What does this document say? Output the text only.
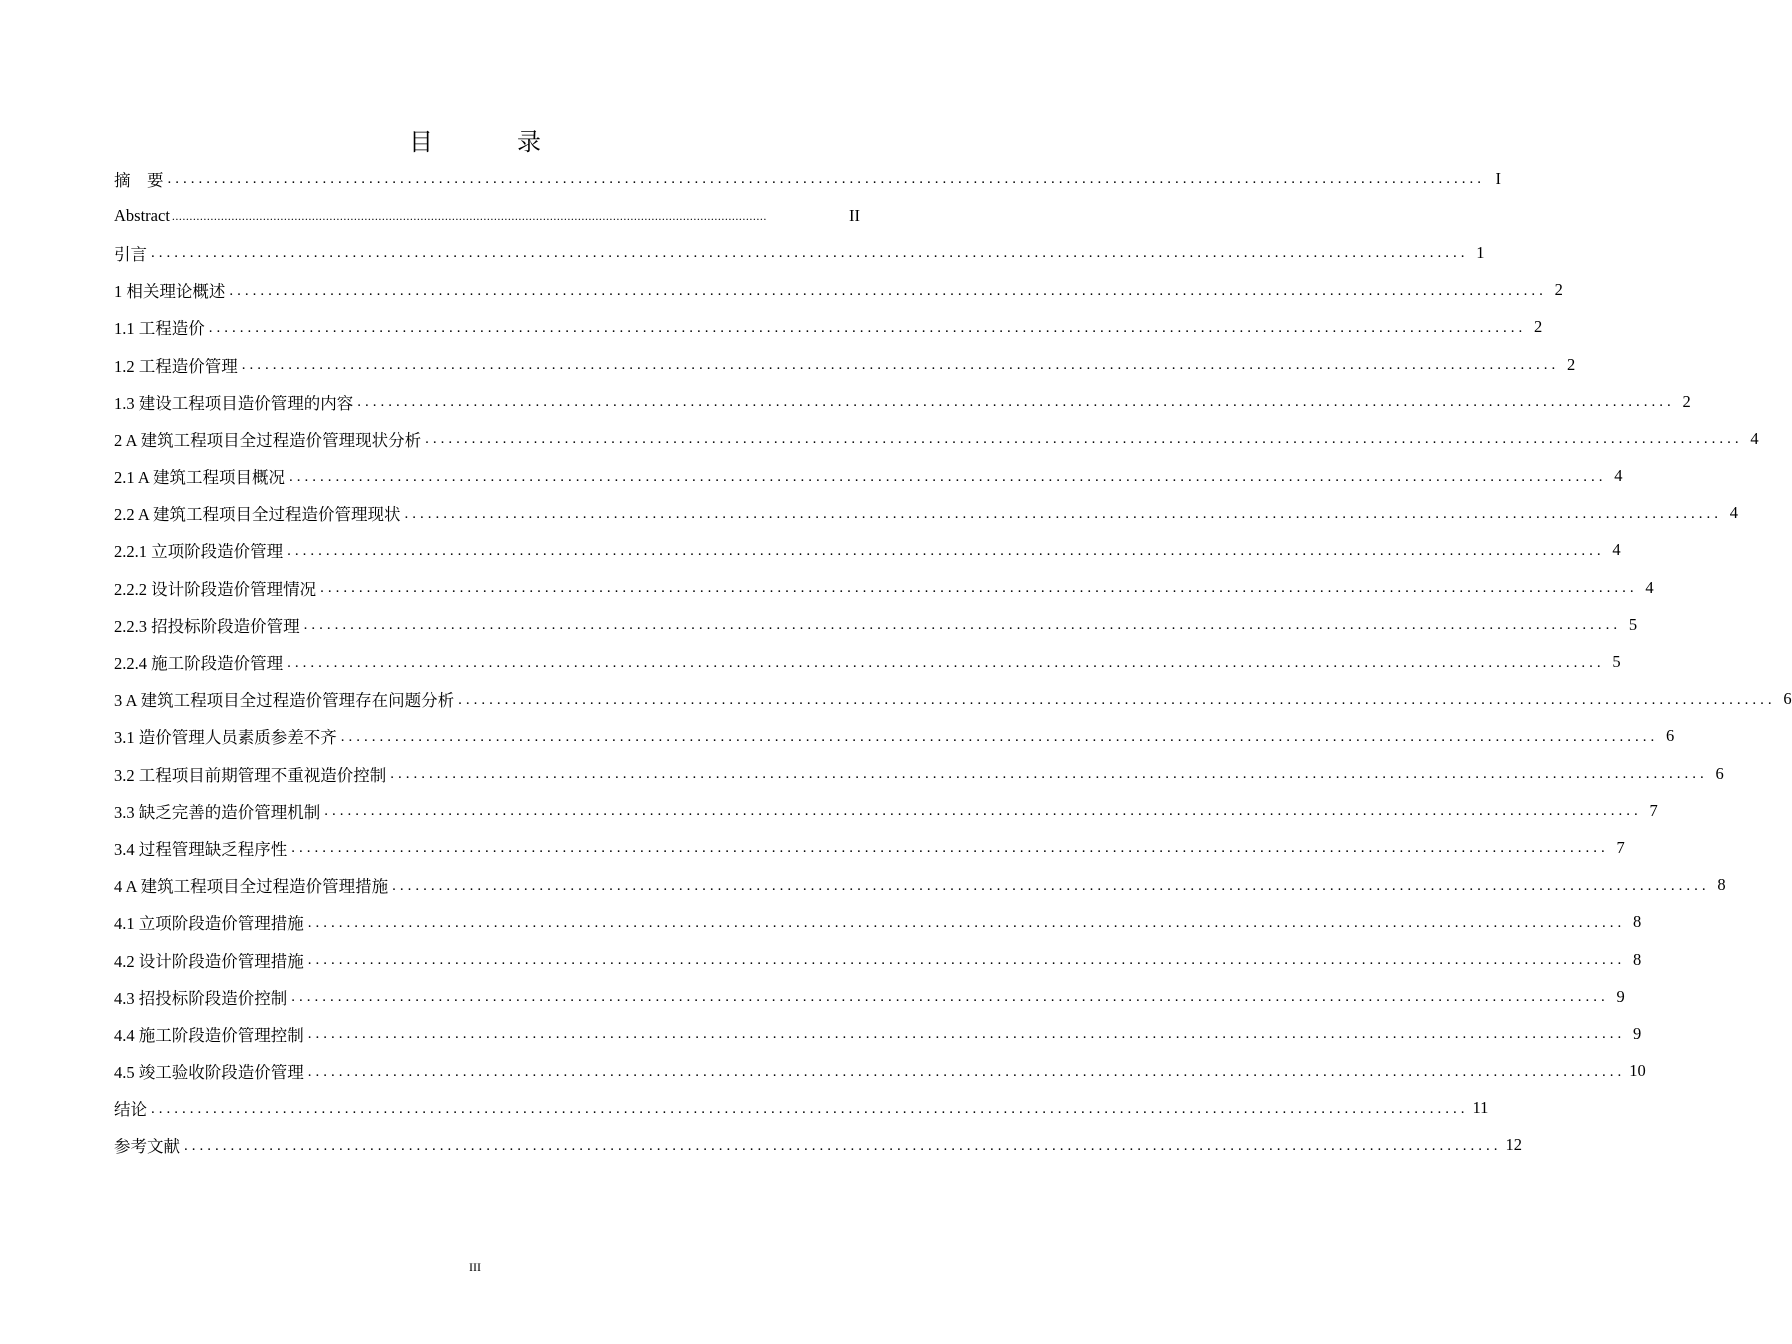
目　录
摘　要 .......................................................................................................................................................................... I
Abstract ..........................................................................................................................................................................	II
引言 .......................................................................................................................................................................... 1
1 相关理论概述 .......................................................................................................................................................................... 2
1.1 工程造价 .......................................................................................................................................................................... 2
1.2 工程造价管理 .......................................................................................................................................................................... 2
1.3 建设工程项目造价管理的内容 .......................................................................................................................................................................... 2
2 A 建筑工程项目全过程造价管理现状分析 .......................................................................................................................................................................... 4
2.1 A 建筑工程项目概况 .......................................................................................................................................................................... 4
2.2 A 建筑工程项目全过程造价管理现状 .......................................................................................................................................................................... 4
2.2.1 立项阶段造价管理 .......................................................................................................................................................................... 4
2.2.2 设计阶段造价管理情况 .......................................................................................................................................................................... 4
2.2.3 招投标阶段造价管理 .......................................................................................................................................................................... 5
2.2.4 施工阶段造价管理 .......................................................................................................................................................................... 5
3 A 建筑工程项目全过程造价管理存在问题分析 .......................................................................................................................................................................... 6
3.1 造价管理人员素质参差不齐 .......................................................................................................................................................................... 6
3.2 工程项目前期管理不重视造价控制 .......................................................................................................................................................................... 6
3.3 缺乏完善的造价管理机制 .......................................................................................................................................................................... 7
3.4 过程管理缺乏程序性 .......................................................................................................................................................................... 7
4 A 建筑工程项目全过程造价管理措施 .......................................................................................................................................................................... 8
4.1 立项阶段造价管理措施 .......................................................................................................................................................................... 8
4.2 设计阶段造价管理措施 .......................................................................................................................................................................... 8
4.3 招投标阶段造价控制 .......................................................................................................................................................................... 9
4.4 施工阶段造价管理控制 .......................................................................................................................................................................... 9
4.5 竣工验收阶段造价管理 .......................................................................................................................................................................... 10
结论 .......................................................................................................................................................................... 11
参考文献 .......................................................................................................................................................................... 12
III
